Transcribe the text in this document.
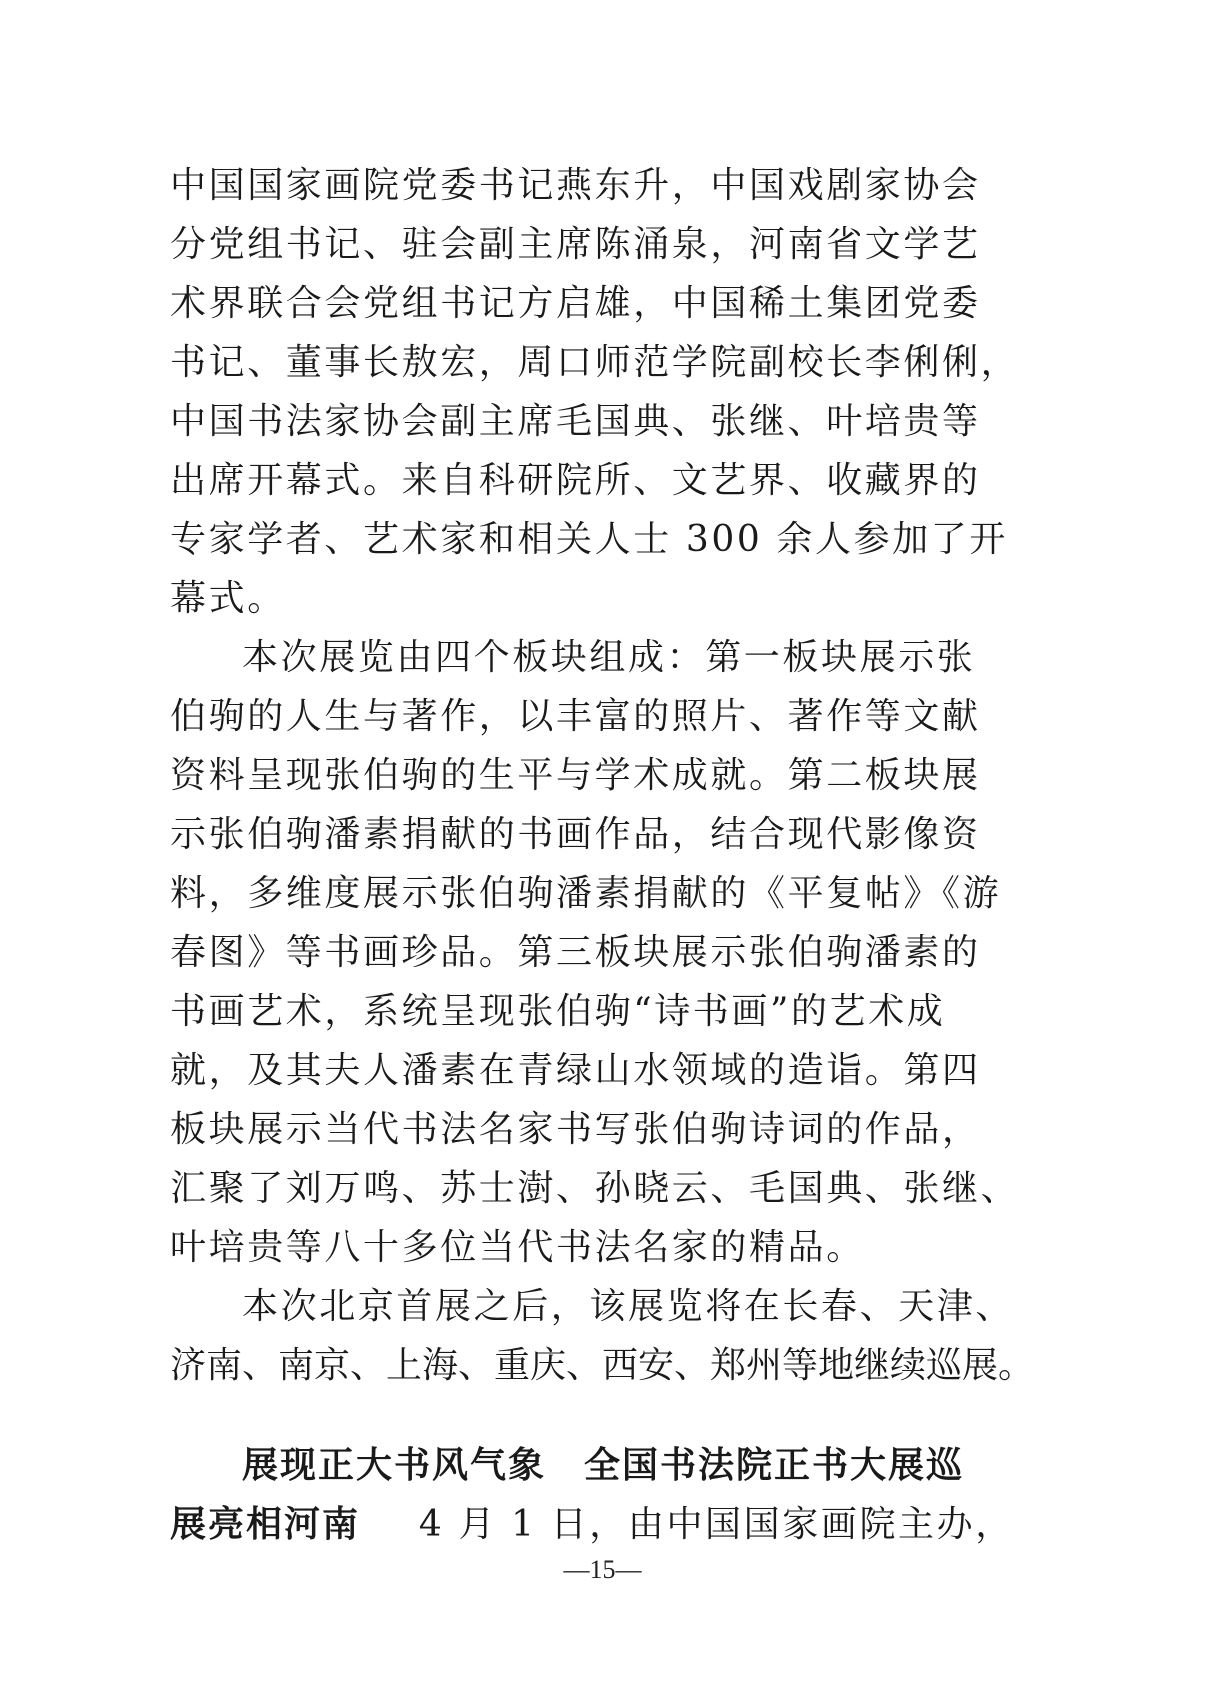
中国国家画院党委书记燕东升，中国戏剧家协会
分党组书记、驻会副主席陈涌泉，河南省文学艺
术界联合会党组书记方启雄，中国稀土集团党委
书记、董事长敖宏，周口师范学院副校长李俐俐，
中国书法家协会副主席毛国典、张继、叶培贵等
出席开幕式。来自科研院所、文艺界、收藏界的
专家学者、艺术家和相关人士 300 余人参加了开
幕式。
本次展览由四个板块组成：第一板块展示张
伯驹的人生与著作，以丰富的照片、著作等文献
资料呈现张伯驹的生平与学术成就。第二板块展
示张伯驹潘素捐献的书画作品，结合现代影像资
料，多维度展示张伯驹潘素捐献的《平复帖》《游
春图》等书画珍品。第三板块展示张伯驹潘素的
书画艺术，系统呈现张伯驹“诗书画”的艺术成
就，及其夫人潘素在青绿山水领域的造诣。第四
板块展示当代书法名家书写张伯驹诗词的作品，
汇聚了刘万鸣、苏士澍、孙晓云、毛国典、张继、
叶培贵等八十多位当代书法名家的精品。
本次北京首展之后，该展览将在长春、天津、
济南、南京、上海、重庆、西安、郑州等地继续巡展。
展现正大书风气象　全国书法院正书大展巡
展亮相河南 4 月 1 日，由中国国家画院主办，
—15—
